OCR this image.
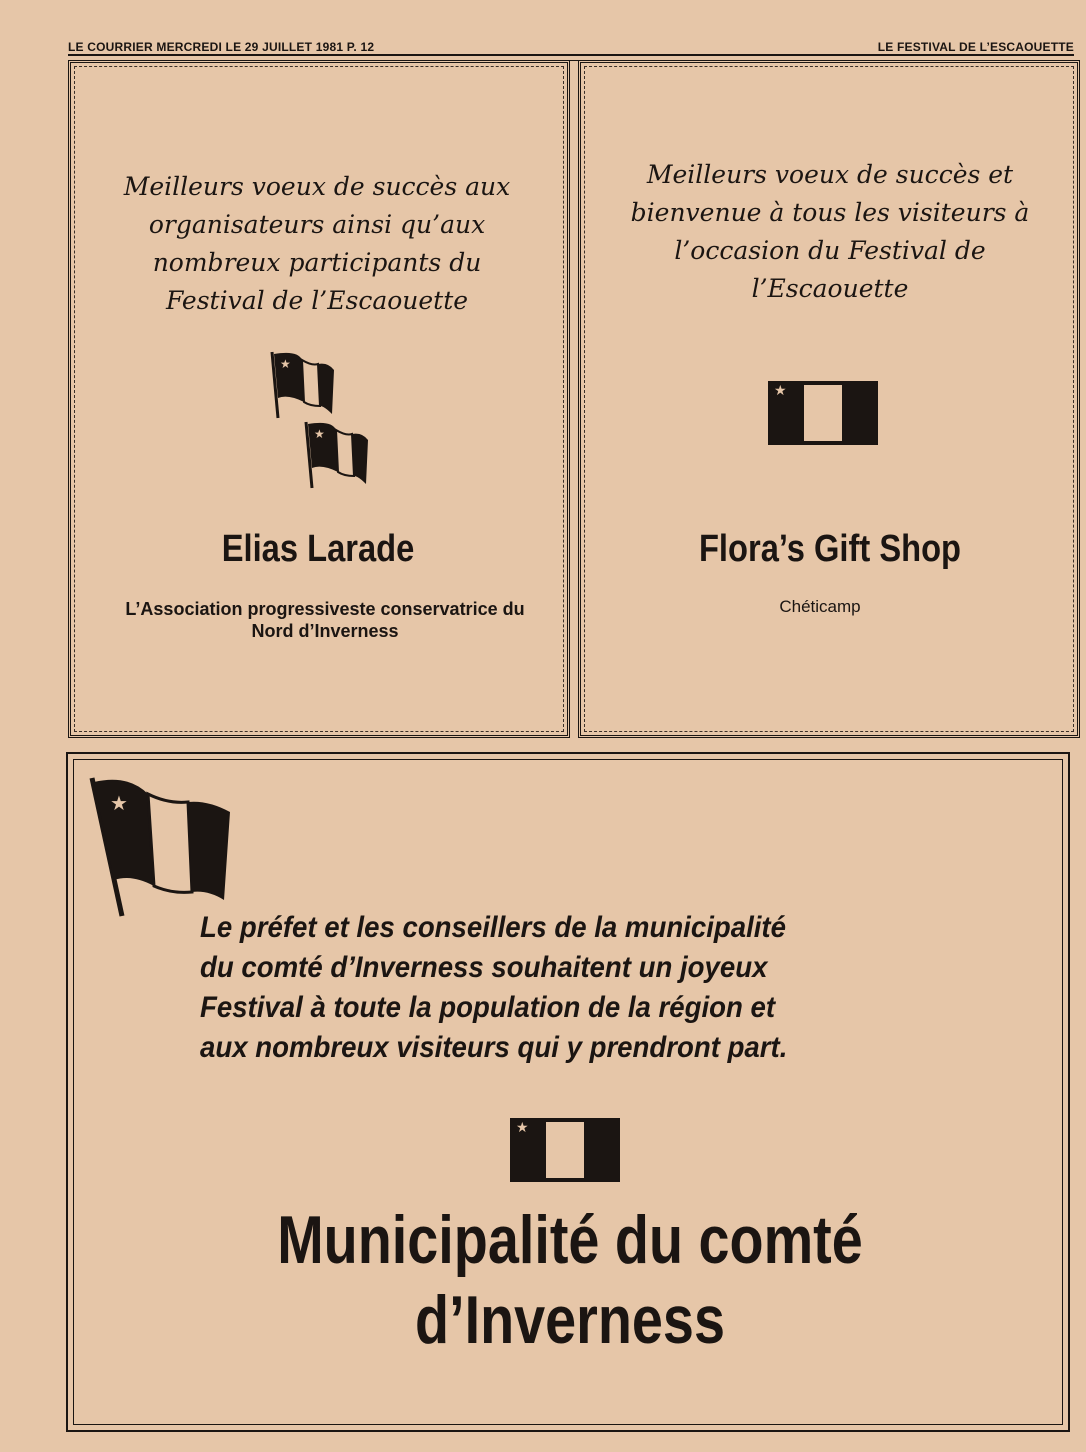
LE COURRIER MERCREDI LE 29 JUILLET 1981 P. 12	LE FESTIVAL DE L’ESCAOUETTE
Meilleurs voeux de succès aux
organisateurs ainsi qu’aux
nombreux participants du
Festival de l’Escaouette
★
★
Elias Larade
L’Association progressiveste conservatrice du
Nord d’Inverness
Meilleurs voeux de succès et
bienvenue à tous les visiteurs à
l’occasion du Festival de
l’Escaouette
★
Flora’s Gift Shop
Chéticamp
★
Le préfet et les conseillers de la municipalité
du comté d’Inverness souhaitent un joyeux
Festival à toute la population de la région et
aux nombreux visiteurs qui y prendront part.
★
Municipalité du comté
d’Inverness
